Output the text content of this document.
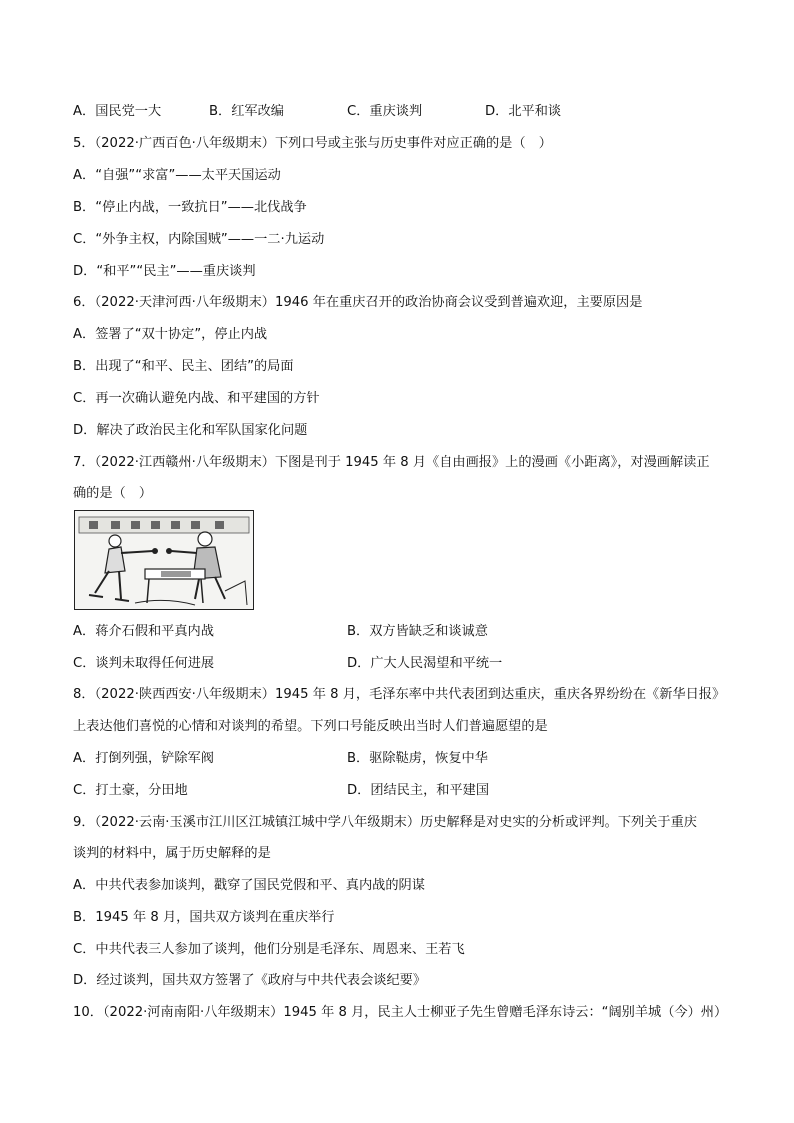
A．国民党一大	B．红军改编	C．重庆谈判	D．北平和谈
5．（2022·广西百色·八年级期末）下列口号或主张与历史事件对应正确的是（　）
A．“自强”“求富”——太平天国运动
B．“停止内战，一致抗日”——北伐战争
C．“外争主权，内除国贼”——一二·九运动
D．“和平”“民主”——重庆谈判
6．（2022·天津河西·八年级期末）1946 年在重庆召开的政治协商会议受到普遍欢迎，主要原因是
A．签署了“双十协定”，停止内战
B．出现了“和平、民主、团结”的局面
C．再一次确认避免内战、和平建国的方针
D．解决了政治民主化和军队国家化问题
7．（2022·江西赣州·八年级期末）下图是刊于 1945 年 8 月《自由画报》上的漫画《小距离》，对漫画解读正
确的是（　）
A．蒋介石假和平真内战	B．双方皆缺乏和谈诚意
C．谈判未取得任何进展	D．广大人民渴望和平统一
8．（2022·陕西西安·八年级期末）1945 年 8 月，毛泽东率中共代表团到达重庆，重庆各界纷纷在《新华日报》
上表达他们喜悦的心情和对谈判的希望。下列口号能反映出当时人们普遍愿望的是
A．打倒列强，铲除军阀	B．驱除鞑虏，恢复中华
C．打土豪，分田地	D．团结民主，和平建国
9．（2022·云南·玉溪市江川区江城镇江城中学八年级期末）历史解释是对史实的分析或评判。下列关于重庆
谈判的材料中，属于历史解释的是
A．中共代表参加谈判，戳穿了国民党假和平、真内战的阴谋
B．1945 年 8 月，国共双方谈判在重庆举行
C．中共代表三人参加了谈判，他们分别是毛泽东、周恩来、王若飞
D．经过谈判，国共双方签署了《政府与中共代表会谈纪要》
10．（2022·河南南阳·八年级期末）1945 年 8 月，民主人士柳亚子先生曾赠毛泽东诗云：“阔别羊城（今）州）
